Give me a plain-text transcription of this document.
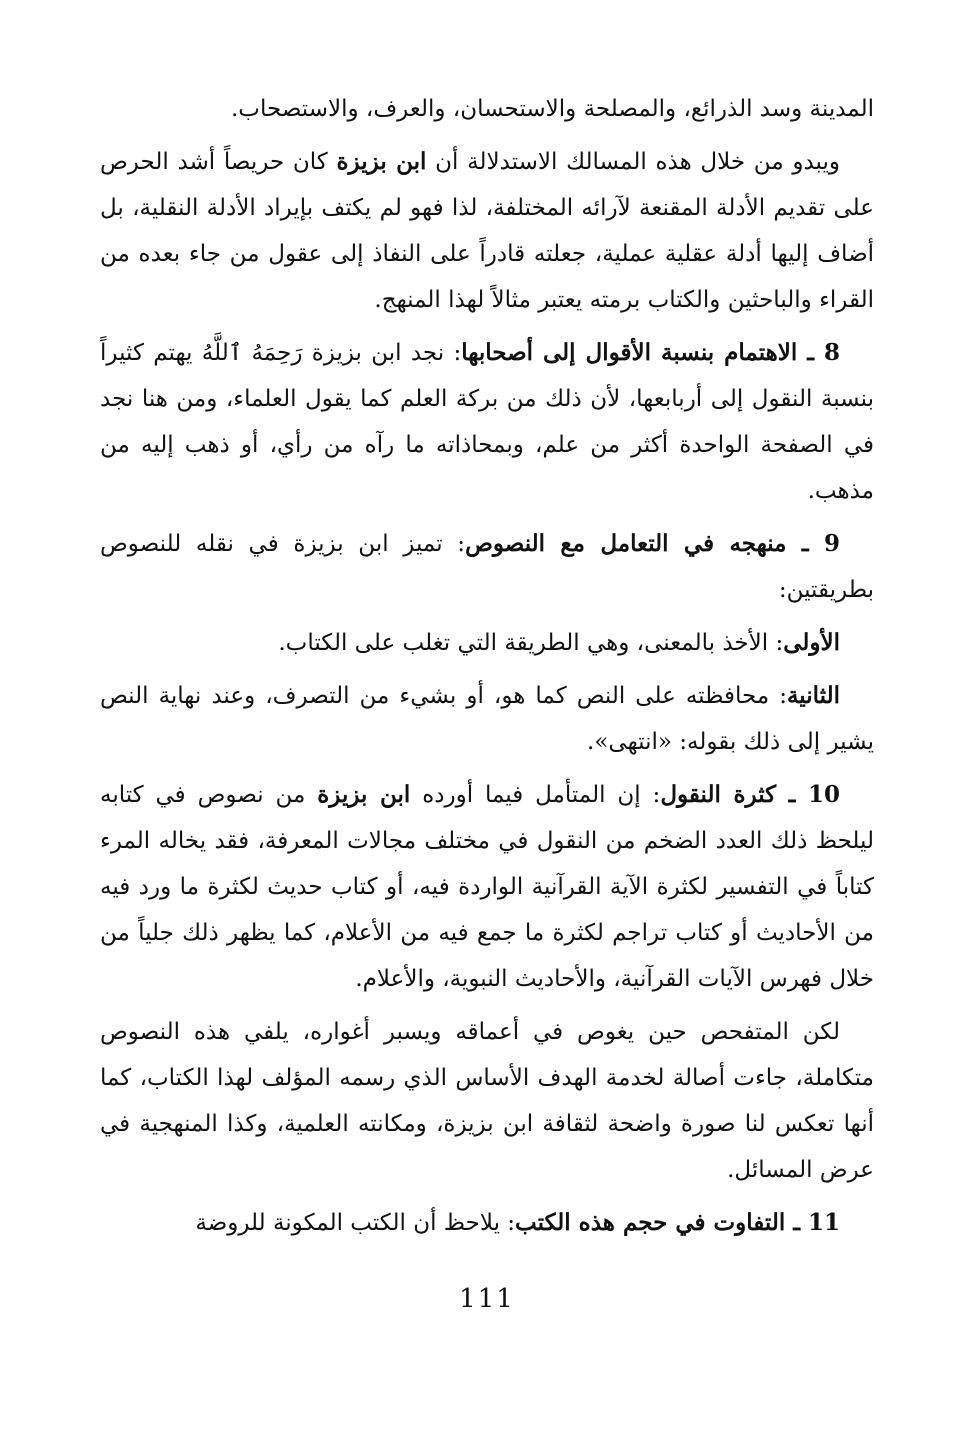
المدينة وسد الذرائع، والمصلحة والاستحسان، والعرف، والاستصحاب.

ويبدو من خلال هذه المسالك الاستدلالة أن ابن بزيزة كان حريصاً أشد الحرص على تقديم الأدلة المقنعة لآرائه المختلفة، لذا فهو لم يكتف بإيراد الأدلة النقلية، بل أضاف إليها أدلة عقلية عملية، جعلته قادراً على النفاذ إلى عقول من جاء بعده من القراء والباحثين والكتاب برمته يعتبر مثالاً لهذا المنهج.

8 ـ الاهتمام بنسبة الأقوال إلى أصحابها: نجد ابن بزيزة رَحِمَهُ ٱللَّهُ يهتم كثيراً بنسبة النقول إلى أربابعها، لأن ذلك من بركة العلم كما يقول العلماء، ومن هنا نجد في الصفحة الواحدة أكثر من علم، وبمحاذاته ما رآه من رأي، أو ذهب إليه من مذهب.

9 ـ منهجه في التعامل مع النصوص: تميز ابن بزيزة في نقله للنصوص بطريقتين:

الأولى: الأخذ بالمعنى، وهي الطريقة التي تغلب على الكتاب.

الثانية: محافظته على النص كما هو، أو بشيء من التصرف، وعند نهاية النص يشير إلى ذلك بقوله: «انتهى».

10 ـ كثرة النقول: إن المتأمل فيما أورده ابن بزيزة من نصوص في كتابه ليلحظ ذلك العدد الضخم من النقول في مختلف مجالات المعرفة، فقد يخاله المرء كتاباً في التفسير لكثرة الآية القرآنية الواردة فيه، أو كتاب حديث لكثرة ما ورد فيه من الأحاديث أو كتاب تراجم لكثرة ما جمع فيه من الأعلام، كما يظهر ذلك جلياً من خلال فهرس الآيات القرآنية، والأحاديث النبوية، والأعلام.

لكن المتفحص حين يغوص في أعماقه ويسبر أغواره، يلفي هذه النصوص متكاملة، جاءت أصالة لخدمة الهدف الأساس الذي رسمه المؤلف لهذا الكتاب، كما أنها تعكس لنا صورة واضحة لثقافة ابن بزيزة، ومكانته العلمية، وكذا المنهجية في عرض المسائل.

11 ـ التفاوت في حجم هذه الكتب: يلاحظ أن الكتب المكونة للروضة

111
